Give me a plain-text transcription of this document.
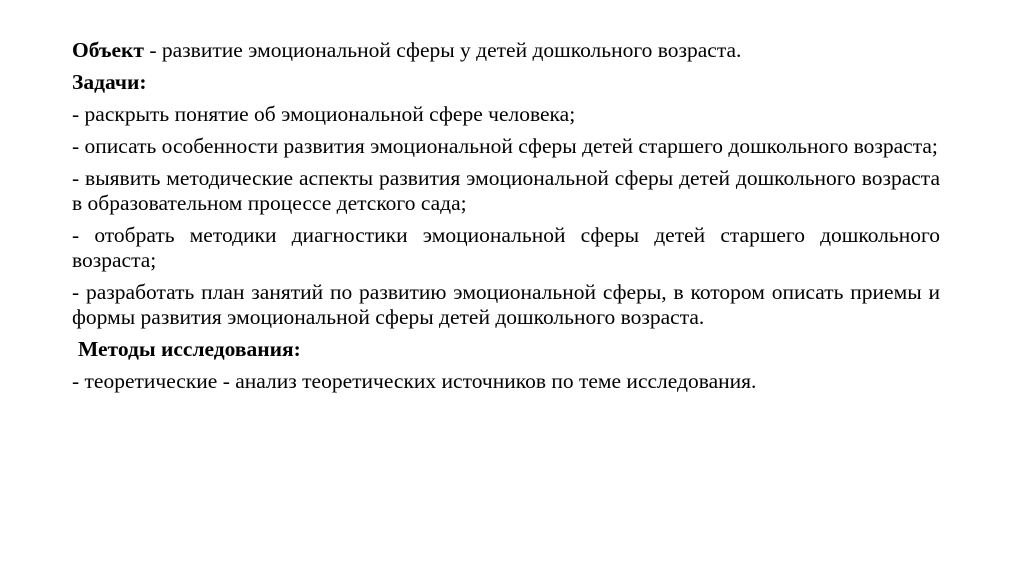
Объект - развитие эмоциональной сферы у детей дошкольного возраста.

Задачи:

- раскрыть понятие об эмоциональной сфере человека;

- описать особенности развития эмоциональной сферы детей старшего дошкольного возраста;

- выявить методические аспекты развития эмоциональной сферы детей дошкольного возраста в образовательном процессе детского сада;

- отобрать методики диагностики эмоциональной сферы детей старшего дошкольного возраста;

- разработать план занятий по развитию эмоциональной сферы, в котором описать приемы и формы развития эмоциональной сферы детей дошкольного возраста.

Методы исследования:

- теоретические - анализ теоретических источников по теме исследования.
